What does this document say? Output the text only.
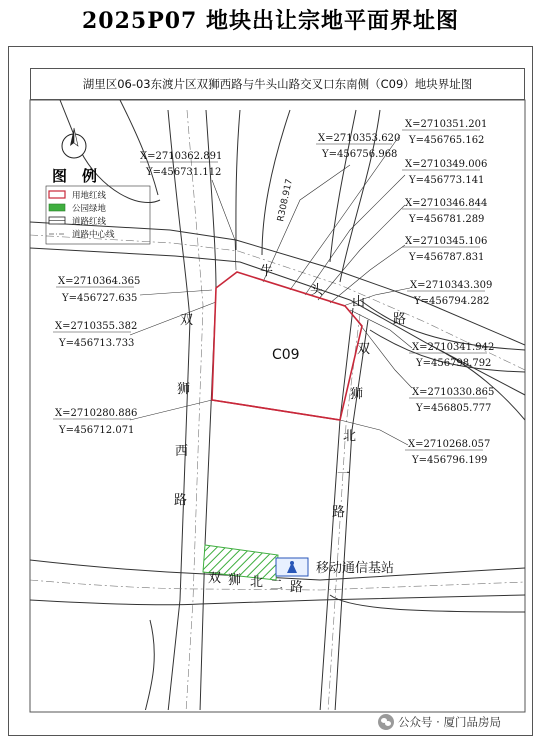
2025P07 地块出让宗地平面界址图
湖里区06-03东渡片区双狮西路与牛头山路交叉口东南侧（C09）地块界址图
C09
移动通信基站
图　例
用地红线
公园绿地
道路红线
道路中心线
R308.917
牛
头
山
路
双
狮
西
路
双
狮
北
一
路
双 狮 北 二 路
X=2710362.891
Y=456731.112
X=2710353.620
Y=456756.968
X=2710351.201
Y=456765.162
X=2710349.006
Y=456773.141
X=2710346.844
Y=456781.289
X=2710345.106
Y=456787.831
X=2710343.309
Y=456794.282
X=2710341.942
Y=456798.792
X=2710330.865
Y=456805.777
X=2710268.057
Y=456796.199
X=2710364.365
Y=456727.635
X=2710355.382
Y=456713.733
X=2710280.886
Y=456712.071
公众号 · 厦门品房局
